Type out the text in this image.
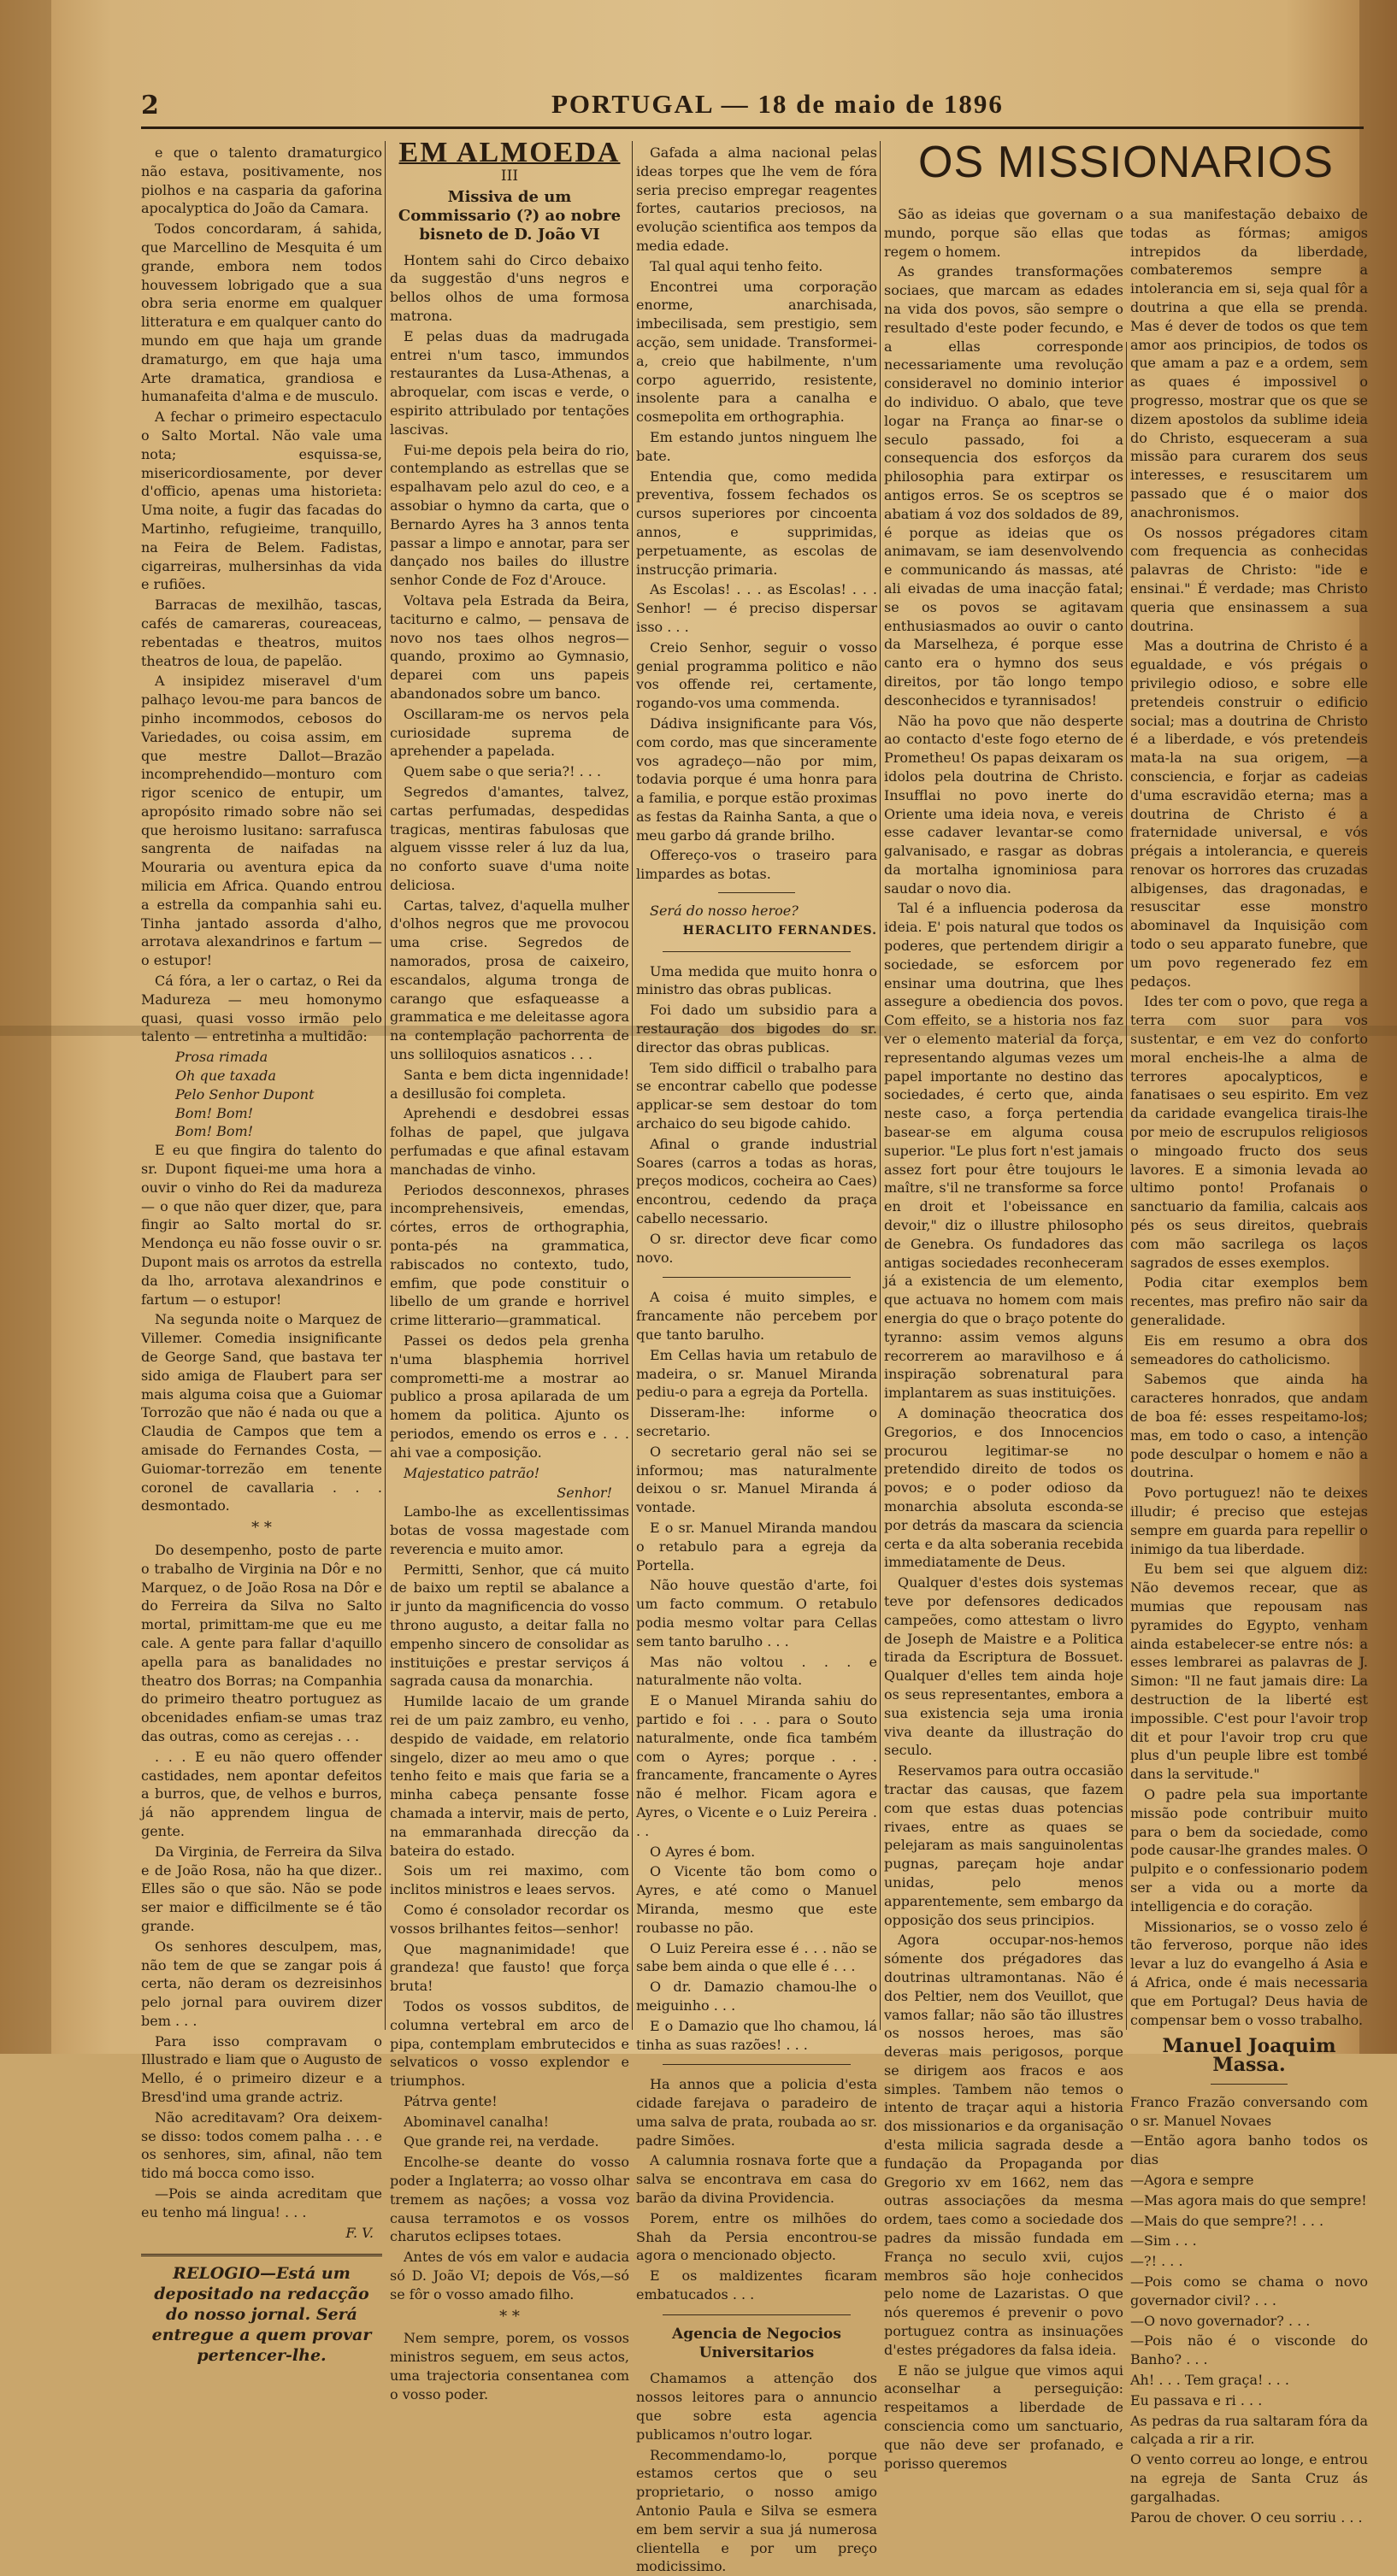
2	PORTUGAL — 18 de maio de 1896
OS MISSIONARIOS

e que o talento dramaturgico não estava, positivamente, nos piolhos e na casparia da gaforina apocalyptica do João da Camara.

Todos concordaram, á sahida, que Marcellino de Mesquita é um grande, embora nem todos houvessem lobrigado que a sua obra seria enorme em qualquer litteratura e em qualquer canto do mundo em que haja um grande dramaturgo, em que haja uma Arte dramatica, grandiosa e humanafeita d'alma e de musculo.

A fechar o primeiro espectaculo o Salto Mortal. Não vale uma nota; esquissa-se, misericordiosamente, por dever d'officio, apenas uma historieta: Uma noite, a fugir das facadas do Martinho, refugieime, tranquillo, na Feira de Belem. Fadistas, cigarreiras, mulhersinhas da vida e rufiões.

Barracas de mexilhão, tascas, cafés de camareras, coureaceas, rebentadas e theatros, muitos theatros de loua, de papelão.

A insipidez miseravel d'um palhaço levou-me para bancos de pinho incommodos, cebosos do Variedades, ou coisa assim, em que mestre Dallot—Brazão incomprehendido—monturo com rigor scenico de entupir, um apropósito rimado sobre não sei que heroismo lusitano: sarrafusca sangrenta de naifadas na Mouraria ou aventura epica da milicia em Africa. Quando entrou a estrella da companhia sahi eu. Tinha jantado assorda d'alho, arrotava alexandrinos e fartum — o estupor!

Cá fóra, a ler o cartaz, o Rei da Madureza — meu homonymo quasi, quasi vosso irmão pelo talento — entretinha a multidão:

Prosa rimada
Oh que taxada
Pelo Senhor Dupont
Bom! Bom!
Bom! Bom!

E eu que fingira do talento do sr. Dupont fiquei-me uma hora a ouvir o vinho do Rei da madureza — o que não quer dizer, que, para fingir ao Salto mortal do sr. Mendonça eu não fosse ouvir o sr. Dupont mais os arrotos da estrella da lho, arrotava alexandrinos e fartum — o estupor!

Na segunda noite o Marquez de Villemer. Comedia insignificante de George Sand, que bastava ter sido amiga de Flaubert para ser mais alguma coisa que a Guiomar Torrozão que não é nada ou que a Claudia de Campos que tem a amisade do Fernandes Costa, — Guiomar-torrezão em tenente coronel de cavallaria . . . desmontado.

* *

Do desempenho, posto de parte o trabalho de Virginia na Dôr e no Marquez, o de João Rosa na Dôr e do Ferreira da Silva no Salto mortal, primittam-me que eu me cale. A gente para fallar d'aquillo apella para as banalidades no theatro dos Borras; na Companhia do primeiro theatro portuguez as obcenidades enfiam-se umas traz das outras, como as cerejas . . .

. . . E eu não quero offender castidades, nem apontar defeitos a burros, que, de velhos e burros, já não apprendem lingua de gente.

Da Virginia, de Ferreira da Silva e de João Rosa, não ha que dizer.. Elles são o que são. Não se pode ser maior e difficilmente se é tão grande.

Os senhores desculpem, mas, não tem de que se zangar pois á certa, não deram os dezreisinhos pelo jornal para ouvirem dizer bem . . .

Para isso compravam o Illustrado e liam que o Augusto de Mello, é o primeiro dizeur e a Bresd'ind uma grande actriz.

Não acreditavam? Ora deixem-se disso: todos comem palha . . . e os senhores, sim, afinal, não tem tido má bocca como isso.

—Pois se ainda acreditam que eu tenho má lingua! . . .

F. V.
RELOGIO—Está um depositado na redacção do nosso jornal. Será entregue a quem provar pertencer-lhe.
EM ALMOEDA
III
Missiva de um Commissario (?) ao nobre bisneto de D. João VI

Hontem sahi do Circo debaixo da suggestão d'uns negros e bellos olhos de uma formosa matrona.

E pelas duas da madrugada entrei n'um tasco, immundos restaurantes da Lusa-Athenas, a abroquelar, com iscas e verde, o espirito attribulado por tentações lascivas.

Fui-me depois pela beira do rio, contemplando as estrellas que se espalhavam pelo azul do ceo, e a assobiar o hymno da carta, que o Bernardo Ayres ha 3 annos tenta passar a limpo e annotar, para ser dançado nos bailes do illustre senhor Conde de Foz d'Arouce.

Voltava pela Estrada da Beira, taciturno e calmo, — pensava de novo nos taes olhos negros—quando, proximo ao Gymnasio, deparei com uns papeis abandonados sobre um banco.

Oscillaram-me os nervos pela curiosidade suprema de aprehender a papelada.

Quem sabe o que seria?! . . .

Segredos d'amantes, talvez, cartas perfumadas, despedidas tragicas, mentiras fabulosas que alguem vissse reler á luz da lua, no conforto suave d'uma noite deliciosa.

Cartas, talvez, d'aquella mulher d'olhos negros que me provocou uma crise. Segredos de namorados, prosa de caixeiro, escandalos, alguma tronga de carango que esfaqueasse a grammatica e me deleitasse agora na contemplação pachorrenta de uns solliloquios asnaticos . . .

Santa e bem dicta ingennidade! a desillusão foi completa.

Aprehendi e desdobrei essas folhas de papel, que julgava perfumadas e que afinal estavam manchadas de vinho.

Periodos desconnexos, phrases incomprehensiveis, emendas, córtes, erros de orthographia, ponta-pés na grammatica, rabiscados no contexto, tudo, emfim, que pode constituir o libello de um grande e horrivel crime litterario—grammatical.

Passei os dedos pela grenha n'uma blasphemia horrivel comprometti-me a mostrar ao publico a prosa apilarada de um homem da politica. Ajunto os periodos, emendo os erros e . . . ahi vae a composição.

Majestatico patrão!

Senhor!

Lambo-lhe as excellentissimas botas de vossa magestade com reverencia e muito amor.

Permitti, Senhor, que cá muito de baixo um reptil se abalance a ir junto da magnificencia do vosso throno augusto, a deitar falla no empenho sincero de consolidar as instituições e prestar serviços á sagrada causa da monarchia.

Humilde lacaio de um grande rei de um paiz zambro, eu venho, despido de vaidade, em relatorio singelo, dizer ao meu amo o que tenho feito e mais que faria se a minha cabeça pensante fosse chamada a intervir, mais de perto, na emmaranhada direcção da bateira do estado.

Sois um rei maximo, com inclitos ministros e leaes servos.

Como é consolador recordar os vossos brilhantes feitos—senhor!

Que magnanimidade! que grandeza! que fausto! que força bruta!

Todos os vossos subditos, de columna vertebral em arco de pipa, contemplam embrutecidos e selvaticos o vosso explendor e triumphos.

Pátrva gente!

Abominavel canalha!

Que grande rei, na verdade.

Encolhe-se deante do vosso poder a Inglaterra; ao vosso olhar tremem as nações; a vossa voz causa terramotos e os vossos charutos eclipses totaes.

Antes de vós em valor e audacia só D. João VI; depois de Vós,—só se fôr o vosso amado filho.

* *

Nem sempre, porem, os vossos ministros seguem, em seus actos, uma trajectoria consentanea com o vosso poder.

Gafada a alma nacional pelas ideas torpes que lhe vem de fóra seria preciso empregar reagentes fortes, cautarios preciosos, na evolução scientifica aos tempos da media edade.

Tal qual aqui tenho feito.

Encontrei uma corporação enorme, anarchisada, imbecilisada, sem prestigio, sem acção, sem unidade. Transformei-a, creio que habilmente, n'um corpo aguerrido, resistente, insolente para a canalha e cosmepolita em orthographia.

Em estando juntos ninguem lhe bate.

Entendia que, como medida preventiva, fossem fechados os cursos superiores por cincoenta annos, e supprimidas, perpetuamente, as escolas de instrucção primaria.

As Escolas! . . . as Escolas! . . . Senhor! — é preciso dispersar isso . . .

Creio Senhor, seguir o vosso genial programma politico e não vos offende rei, certamente, rogando-vos uma commenda.

Dádiva insignificante para Vós, com cordo, mas que sinceramente vos agradeço—não por mim, todavia porque é uma honra para a familia, e porque estão proximas as festas da Rainha Santa, a que o meu garbo dá grande brilho.

Offereço-vos o traseiro para limpardes as botas.

Será do nosso heroe?

HERACLITO FERNANDES.

Uma medida que muito honra o ministro das obras publicas.

Foi dado um subsidio para a restauração dos bigodes do sr. director das obras publicas.

Tem sido difficil o trabalho para se encontrar cabello que podesse applicar-se sem destoar do tom archaico do seu bigode cahido.

Afinal o grande industrial Soares (carros a todas as horas, preços modicos, cocheira ao Caes) encontrou, cedendo da praça cabello necessario.

O sr. director deve ficar como novo.

A coisa é muito simples, e francamente não percebem por que tanto barulho.

Em Cellas havia um retabulo de madeira, o sr. Manuel Miranda pediu-o para a egreja da Portella.

Disseram-lhe: informe o secretario.

O secretario geral não sei se informou; mas naturalmente deixou o sr. Manuel Miranda á vontade.

E o sr. Manuel Miranda mandou o retabulo para a egreja da Portella.

Não houve questão d'arte, foi um facto commum. O retabulo podia mesmo voltar para Cellas sem tanto barulho . . .

Mas não voltou . . . e naturalmente não volta.

E o Manuel Miranda sahiu do partido e foi . . . para o Souto naturalmente, onde fica também com o Ayres; porque . . . francamente, francamente o Ayres não é melhor. Ficam agora e Ayres, o Vicente e o Luiz Pereira . . .

O Ayres é bom.

O Vicente tão bom como o Ayres, e até como o Manuel Miranda, mesmo que este roubasse no pão.

O Luiz Pereira esse é . . . não se sabe bem ainda o que elle é . . .

O dr. Damazio chamou-lhe o meiguinho . . .

E o Damazio que lho chamou, lá tinha as suas razões! . . .

Ha annos que a policia d'esta cidade farejava o paradeiro de uma salva de prata, roubada ao sr. padre Simões.

A calumnia rosnava forte que a salva se encontrava em casa do barão da divina Providencia.

Porem, entre os milhões do Shah da Persia encontrou-se agora o mencionado objecto.

E os maldizentes ficaram embatucados . . .

Agencia de Negocios Universitarios

Chamamos a attenção dos nossos leitores para o annuncio que sobre esta agencia publicamos n'outro logar.

Recommendamo-lo, porque estamos certos que o seu proprietario, o nosso amigo Antonio Paula e Silva se esmera em bem servir a sua já numerosa clientella e por um preço modicissimo.

São as ideias que governam o mundo, porque são ellas que regem o homem.

As grandes transformações sociaes, que marcam as edades na vida dos povos, são sempre o resultado d'este poder fecundo, e a ellas corresponde necessariamente uma revolução consideravel no dominio interior do individuo. O abalo, que teve logar na França ao finar-se o seculo passado, foi a consequencia dos esforços da philosophia para extirpar os antigos erros. Se os sceptros se abatiam á voz dos soldados de 89, é porque as ideias que os animavam, se iam desenvolvendo e communicando ás massas, até ali eivadas de uma inacção fatal; se os povos se agitavam enthusiasmados ao ouvir o canto da Marselheza, é porque esse canto era o hymno dos seus direitos, por tão longo tempo desconhecidos e tyrannisados!

Não ha povo que não desperte ao contacto d'este fogo eterno de Prometheu! Os papas deixaram os idolos pela doutrina de Christo. Insufflai no povo inerte do Oriente uma ideia nova, e vereis esse cadaver levantar-se como galvanisado, e rasgar as dobras da mortalha ignominiosa para saudar o novo dia.

Tal é a influencia poderosa da ideia. E' pois natural que todos os poderes, que pertendem dirigir a sociedade, se esforcem por ensinar uma doutrina, que lhes assegure a obediencia dos povos. Com effeito, se a historia nos faz ver o elemento material da força, representando algumas vezes um papel importante no destino das sociedades, é certo que, ainda neste caso, a força pertendia basear-se em alguma cousa superior. "Le plus fort n'est jamais assez fort pour être toujours le maître, s'il ne transforme sa force en droit et l'obeissance en devoir," diz o illustre philosopho de Genebra. Os fundadores das antigas sociedades reconheceram já a existencia de um elemento, que actuava no homem com mais energia do que o braço potente do tyranno: assim vemos alguns recorrerem ao maravilhoso e á inspiração sobrenatural para implantarem as suas instituições.

A dominação theocratica dos Gregorios, e dos Innocencios procurou legitimar-se no pretendido direito de todos os povos; e o poder odioso da monarchia absoluta esconda-se por detrás da mascara da sciencia certa e da alta soberania recebida immediatamente de Deus.

Qualquer d'estes dois systemas teve por defensores dedicados campeões, como attestam o livro de Joseph de Maistre e a Politica tirada da Escriptura de Bossuet. Qualquer d'elles tem ainda hoje os seus representantes, embora a sua existencia seja uma ironia viva deante da illustração do seculo.

Reservamos para outra occasião tractar das causas, que fazem com que estas duas potencias rivaes, entre as quaes se pelejaram as mais sanguinolentas pugnas, pareçam hoje andar unidas, pelo menos apparentemente, sem embargo da opposição dos seus principios.

Agora occupar-nos-hemos sómente dos prégadores das doutrinas ultramontanas. Não é dos Peltier, nem dos Veuillot, que vamos fallar; não são tão illustres os nossos heroes, mas são deveras mais perigosos, porque se dirigem aos fracos e aos simples. Tambem não temos o intento de traçar aqui a historia dos missionarios e da organisação d'esta milicia sagrada desde a fundação da Propaganda por Gregorio xv em 1662, nem das outras associações da mesma ordem, taes como a sociedade dos padres da missão fundada em França no seculo xvii, cujos membros são hoje conhecidos pelo nome de Lazaristas. O que nós queremos é prevenir o povo portuguez contra as insinuações d'estes prégadores da falsa ideia.

E não se julgue que vimos aqui aconselhar a perseguição: respeitamos a liberdade de consciencia como um sanctuario, que não deve ser profanado, e porisso queremos

a sua manifestação debaixo de todas as fórmas; amigos intrepidos da liberdade, combateremos sempre a intolerancia em si, seja qual fôr a doutrina a que ella se prenda. Mas é dever de todos os que tem amor aos principios, de todos os que amam a paz e a ordem, sem as quaes é impossivel o progresso, mostrar que os que se dizem apostolos da sublime ideia do Christo, esqueceram a sua missão para curarem dos seus interesses, e resuscitarem um passado que é o maior dos anachronismos.

Os nossos prégadores citam com frequencia as conhecidas palavras de Christo: "ide e ensinai." É verdade; mas Christo queria que ensinassem a sua doutrina.

Mas a doutrina de Christo é a egualdade, e vós prégais o privilegio odioso, e sobre elle pretendeis construir o edificio social; mas a doutrina de Christo é a liberdade, e vós pretendeis mata-la na sua origem, —a consciencia, e forjar as cadeias d'uma escravidão eterna; mas a doutrina de Christo é a fraternidade universal, e vós prégais a intolerancia, e quereis renovar os horrores das cruzadas albigenses, das dragonadas, e resuscitar esse monstro abominavel da Inquisição com todo o seu apparato funebre, que um povo regenerado fez em pedaços.

Ides ter com o povo, que rega a terra com suor para vos sustentar, e em vez do conforto moral encheis-lhe a alma de terrores apocalypticos, e fanatisaes o seu espirito. Em vez da caridade evangelica tirais-lhe por meio de escrupulos religiosos o mingoado fructo dos seus lavores. E a simonia levada ao ultimo ponto! Profanais o sanctuario da familia, calcais aos pés os seus direitos, quebrais com mão sacrilega os laços sagrados de esses exemplos.

Podia citar exemplos bem recentes, mas prefiro não sair da generalidade.

Eis em resumo a obra dos semeadores do catholicismo.

Sabemos que ainda ha caracteres honrados, que andam de boa fé: esses respeitamo-los; mas, em todo o caso, a intenção pode desculpar o homem e não a doutrina.

Povo portuguez! não te deixes illudir; é preciso que estejas sempre em guarda para repellir o inimigo da tua liberdade.

Eu bem sei que alguem diz: Não devemos recear, que as mumias que repousam nas pyramides do Egypto, venham ainda estabelecer-se entre nós: a esses lembrarei as palavras de J. Simon: "Il ne faut jamais dire: La destruction de la liberté est impossible. C'est pour l'avoir trop dit et pour l'avoir trop cru que plus d'un peuple libre est tombé dans la servitude."

O padre pela sua importante missão pode contribuir muito para o bem da sociedade, como pode causar-lhe grandes males. O pulpito e o confessionario podem ser a vida ou a morte da intelligencia e do coração.

Missionarios, se o vosso zelo é tão ferveroso, porque não ides levar a luz do evangelho á Asia e á Africa, onde é mais necessaria que em Portugal? Deus havia de compensar bem o vosso trabalho.

Manuel Joaquim Massa.

Franco Frazão conversando com o sr. Manuel Novaes

—Então agora banho todos os dias

—Agora e sempre

—Mas agora mais do que sempre!

—Mais do que sempre?! . . .

—Sim . . .

—?! . . .

—Pois como se chama o novo governador civil? . . .

—O novo governador? . . .

—Pois não é o visconde do Banho? . . .

Ah! . . . Tem graça! . . .

Eu passava e ri . . .

As pedras da rua saltaram fóra da calçada a rir a rir.

O vento correu ao longe, e entrou na egreja de Santa Cruz ás gargalhadas.

Parou de chover. O ceu sorriu . . .
